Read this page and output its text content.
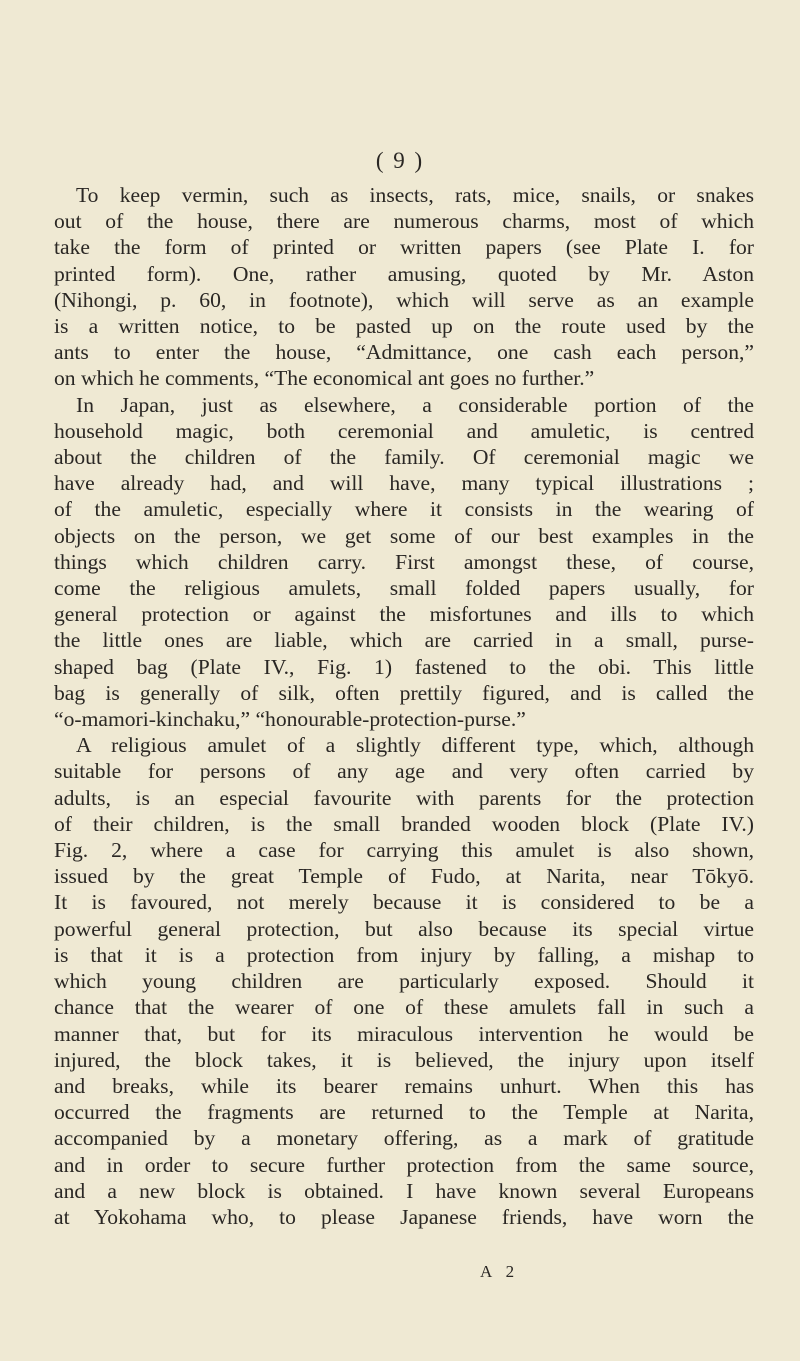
( 9 )

To keep vermin, such as insects, rats, mice, snails, or snakes
out of the house, there are numerous charms, most of which
take the form of printed or written papers (see Plate I. for
printed form). One, rather amusing, quoted by Mr. Aston
(Nihongi, p. 60, in footnote), which will serve as an example
is a written notice, to be pasted up on the route used by the
ants to enter the house, “Admittance, one cash each person,”
on which he comments, “The economical ant goes no further.”

In Japan, just as elsewhere, a considerable portion of the
household magic, both ceremonial and amuletic, is centred
about the children of the family. Of ceremonial magic we
have already had, and will have, many typical illustrations ;
of the amuletic, especially where it consists in the wearing of
objects on the person, we get some of our best examples in the
things which children carry. First amongst these, of course,
come the religious amulets, small folded papers usually, for
general protection or against the misfortunes and ills to which
the little ones are liable, which are carried in a small, purse-
shaped bag (Plate IV., Fig. 1) fastened to the obi. This little
bag is generally of silk, often prettily figured, and is called the
“o-mamori-kinchaku,” “honourable-protection-purse.”

A religious amulet of a slightly different type, which, although
suitable for persons of any age and very often carried by
adults, is an especial favourite with parents for the protection
of their children, is the small branded wooden block (Plate IV.)
Fig. 2, where a case for carrying this amulet is also shown,
issued by the great Temple of Fudo, at Narita, near Tōkyō.
It is favoured, not merely because it is considered to be a
powerful general protection, but also because its special virtue
is that it is a protection from injury by falling, a mishap to
which young children are particularly exposed. Should it
chance that the wearer of one of these amulets fall in such a
manner that, but for its miraculous intervention he would be
injured, the block takes, it is believed, the injury upon itself
and breaks, while its bearer remains unhurt. When this has
occurred the fragments are returned to the Temple at Narita,
accompanied by a monetary offering, as a mark of gratitude
and in order to secure further protection from the same source,
and a new block is obtained. I have known several Europeans
at Yokohama who, to please Japanese friends, have worn the

A 2
